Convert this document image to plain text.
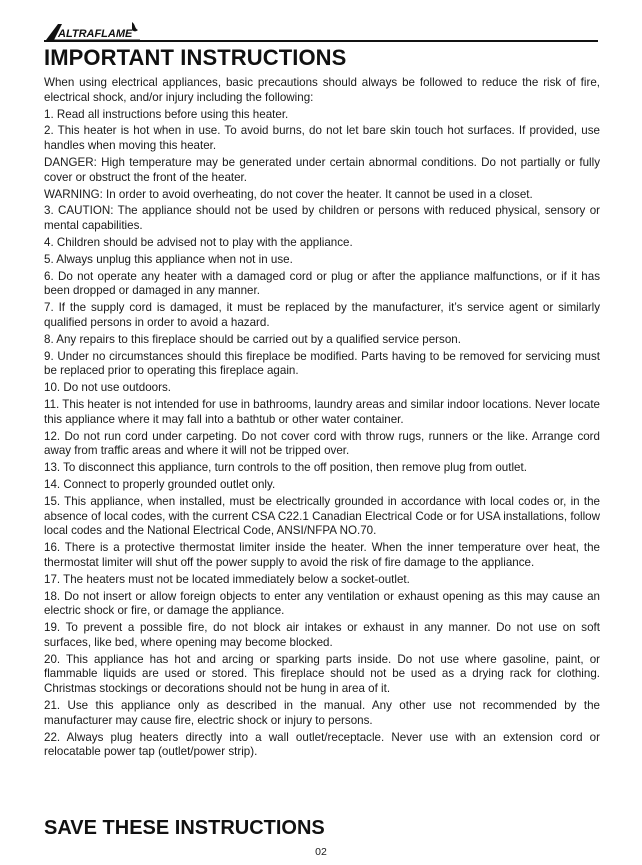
ALTRAFLAME
IMPORTANT INSTRUCTIONS

When using electrical appliances, basic precautions should always be followed to reduce the risk of fire, electrical shock, and/or injury including the following:

1. Read all instructions before using this heater.

2. This heater is hot when in use. To avoid burns, do not let bare skin touch hot surfaces. If provided, use handles when moving this heater.

DANGER: High temperature may be generated under certain abnormal conditions. Do not partially or fully cover or obstruct the front of the heater.

WARNING: In order to avoid overheating, do not cover the heater. It cannot be used in a closet.

3. CAUTION: The appliance should not be used by children or persons with reduced physical, sensory or mental capabilities.

4. Children should be advised not to play with the appliance.

5. Always unplug this appliance when not in use.

6. Do not operate any heater with a damaged cord or plug or after the appliance malfunctions, or if it has been dropped or damaged in any manner.

7. If the supply cord is damaged, it must be replaced by the manufacturer, it’s service agent or similarly qualified persons in order to avoid a hazard.

8. Any repairs to this fireplace should be carried out by a qualified service person.

9. Under no circumstances should this fireplace be modified. Parts having to be removed for servicing must be replaced prior to operating this fireplace again.

10. Do not use outdoors.

11. This heater is not intended for use in bathrooms, laundry areas and similar indoor locations. Never locate this appliance where it may fall into a bathtub or other water container.

12. Do not run cord under carpeting. Do not cover cord with throw rugs, runners or the like. Arrange cord away from traffic areas and where it will not be tripped over.

13. To disconnect this appliance, turn controls to the off position, then remove plug from outlet.

14. Connect to properly grounded outlet only.

15. This appliance, when installed, must be electrically grounded in accordance with local codes or, in the absence of local codes, with the current CSA C22.1 Canadian Electrical Code or for USA installations, follow local codes and the National Electrical Code, ANSI/NFPA NO.70.

16. There is a protective thermostat limiter inside the heater. When the inner temperature over heat, the thermostat limiter will shut off the power supply to avoid the risk of fire damage to the appliance.

17. The heaters must not be located immediately below a socket-outlet.

18. Do not insert or allow foreign objects to enter any ventilation or exhaust opening as this may cause an electric shock or fire, or damage the appliance.

19. To prevent a possible fire, do not block air intakes or exhaust in any manner. Do not use on soft surfaces, like bed, where opening may become blocked.

20. This appliance has hot and arcing or sparking parts inside. Do not use where gasoline, paint, or flammable liquids are used or stored. This fireplace should not be used as a drying rack for clothing. Christmas stockings or decorations should not be hung in area of it.

21. Use this appliance only as described in the manual. Any other use not recommended by the manufacturer may cause fire, electric shock or injury to persons.

22. Always plug heaters directly into a wall outlet/receptacle. Never use with an extension cord or relocatable power tap (outlet/power strip).

SAVE THESE INSTRUCTIONS
02
